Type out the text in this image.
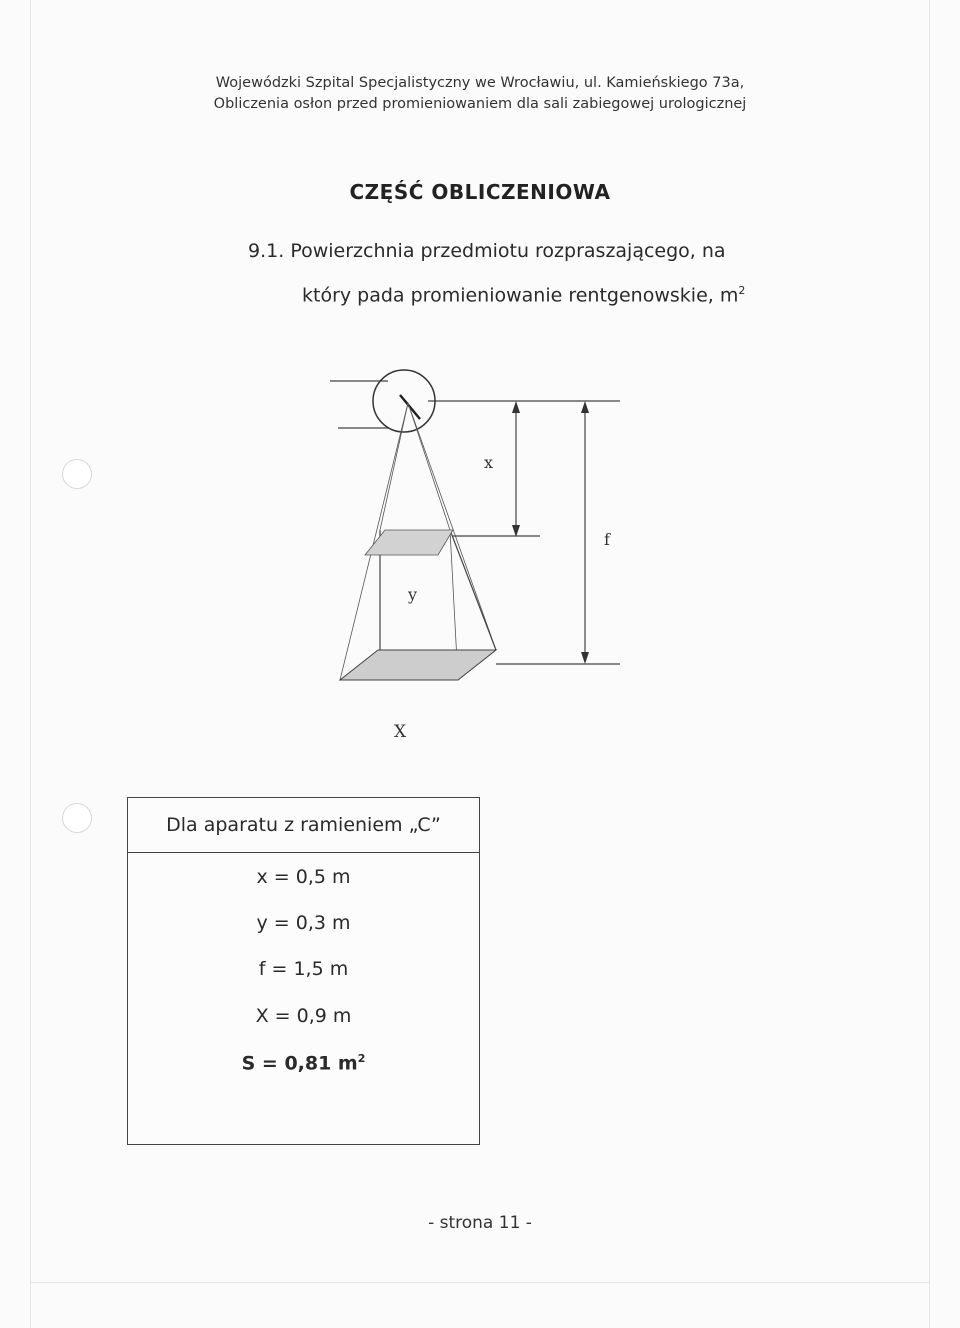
Wojewódzki Szpital Specjalistyczny we Wrocławiu, ul. Kamieńskiego 73a,
Obliczenia osłon przed promieniowaniem dla sali zabiegowej urologicznej
CZĘŚĆ OBLICZENIOWA
9.1. Powierzchnia przedmiotu rozpraszającego, na
który pada promieniowanie rentgenowskie, $m^2$
x
f
y
X
Dla aparatu z ramieniem „C”
x = 0,5 m
y = 0,3 m
f = 1,5 m
X = 0,9 m
S = 0,81 $m^2$
- strona 11 -
